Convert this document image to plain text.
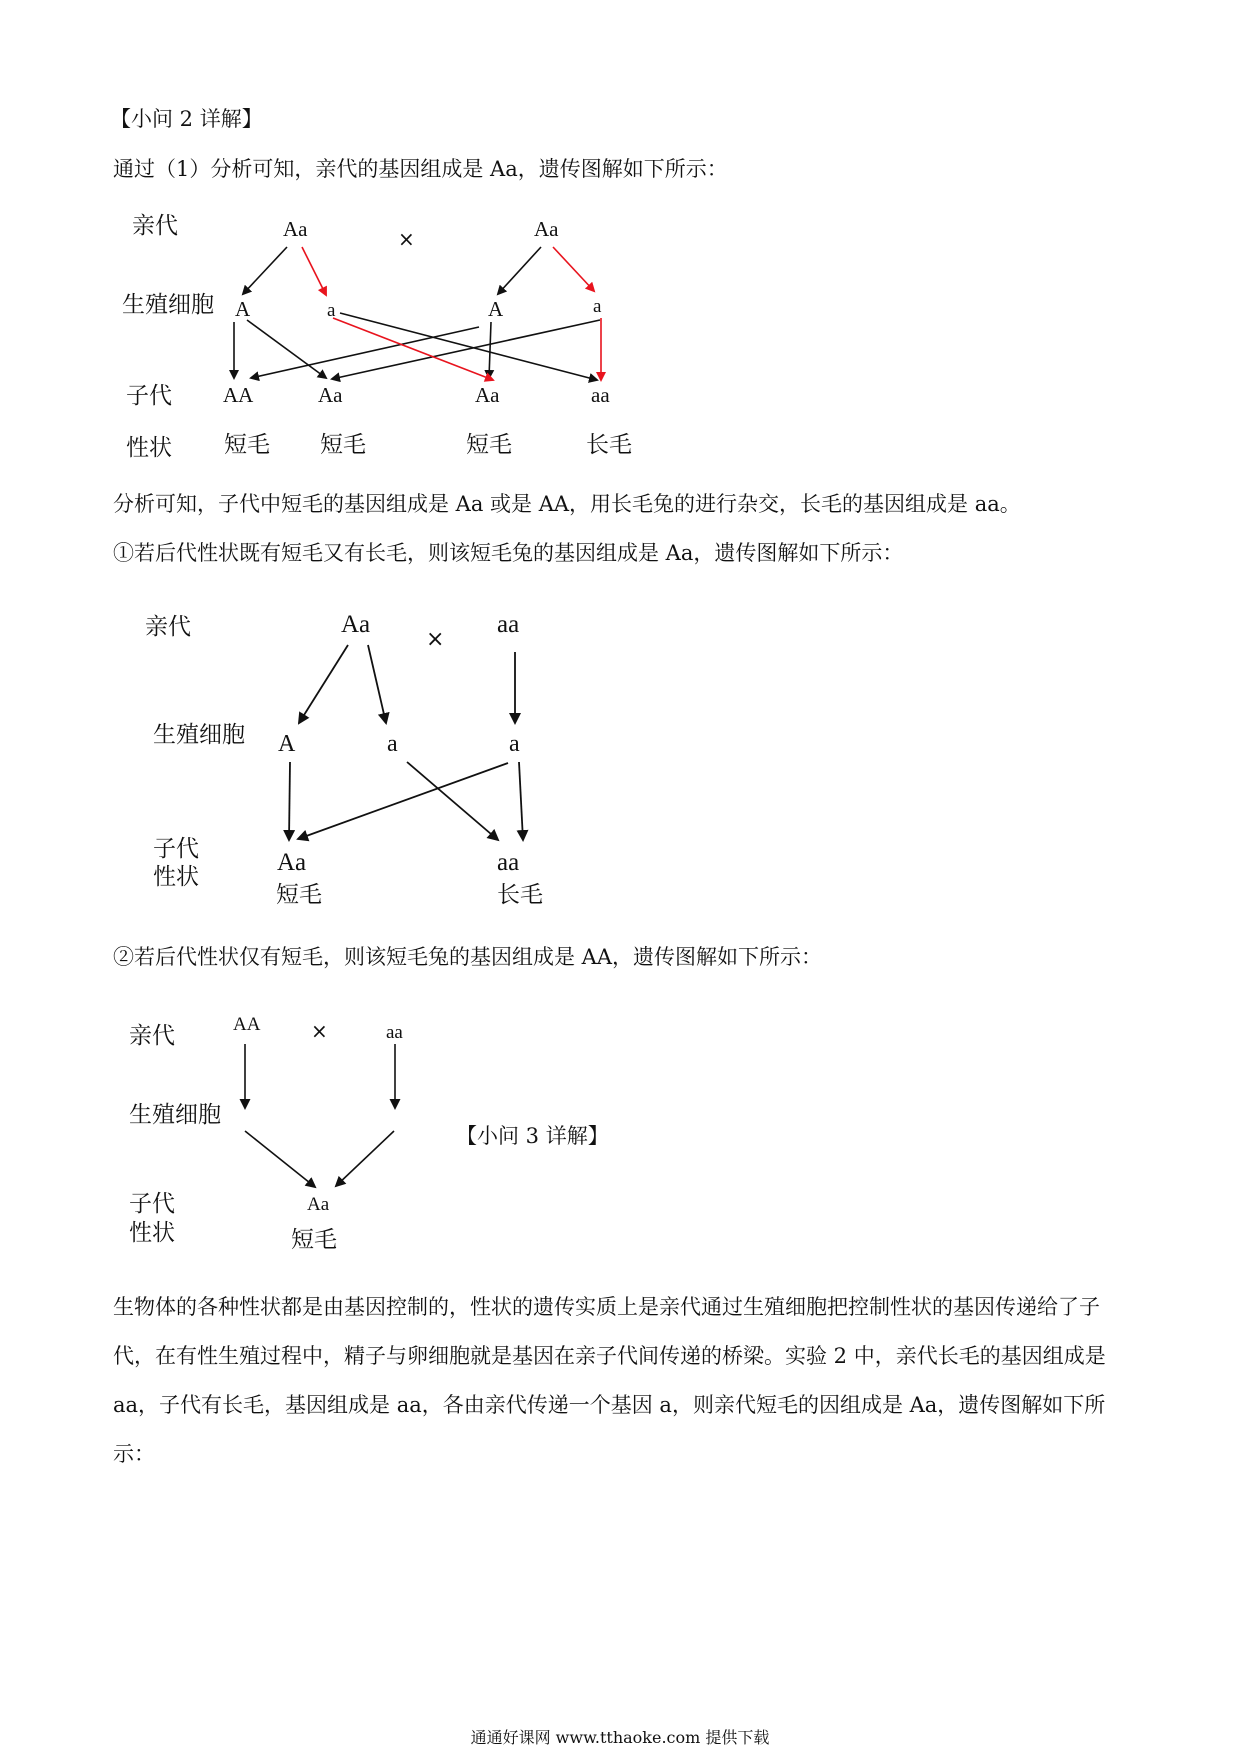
【小问 2 详解】
通过（1）分析可知，亲代的基因组成是 Aa，遗传图解如下所示：
亲代
生殖细胞
子代
性状
Aa	×	Aa
A	a	A	a
AA	Aa	Aa	aa
短毛 短毛	短毛	长毛
分析可知，子代中短毛的基因组成是 Aa 或是 AA，用长毛兔的进行杂交，长毛的基因组成是 aa。
①若后代性状既有短毛又有长毛，则该短毛兔的基因组成是 Aa，遗传图解如下所示：
亲代
生殖细胞
子代
性状
Aa
×
aa
A	a	a
Aa	aa
短毛	长毛
②若后代性状仅有短毛，则该短毛兔的基因组成是 AA，遗传图解如下所示：
亲代
生殖细胞
子代
性状
AA	×	aa
Aa
短毛
【小问 3 详解】
生物体的各种性状都是由基因控制的，性状的遗传实质上是亲代通过生殖细胞把控制性状的基因传递给了子代，在有性生殖过程中，精子与卵细胞就是基因在亲子代间传递的桥梁。实验 2 中，亲代长毛的基因组成是 aa，子代有长毛，基因组成是 aa，各由亲代传递一个基因 a，则亲代短毛的因组成是 Aa，遗传图解如下所示：
通通好课网 www.tthaoke.com 提供下载
